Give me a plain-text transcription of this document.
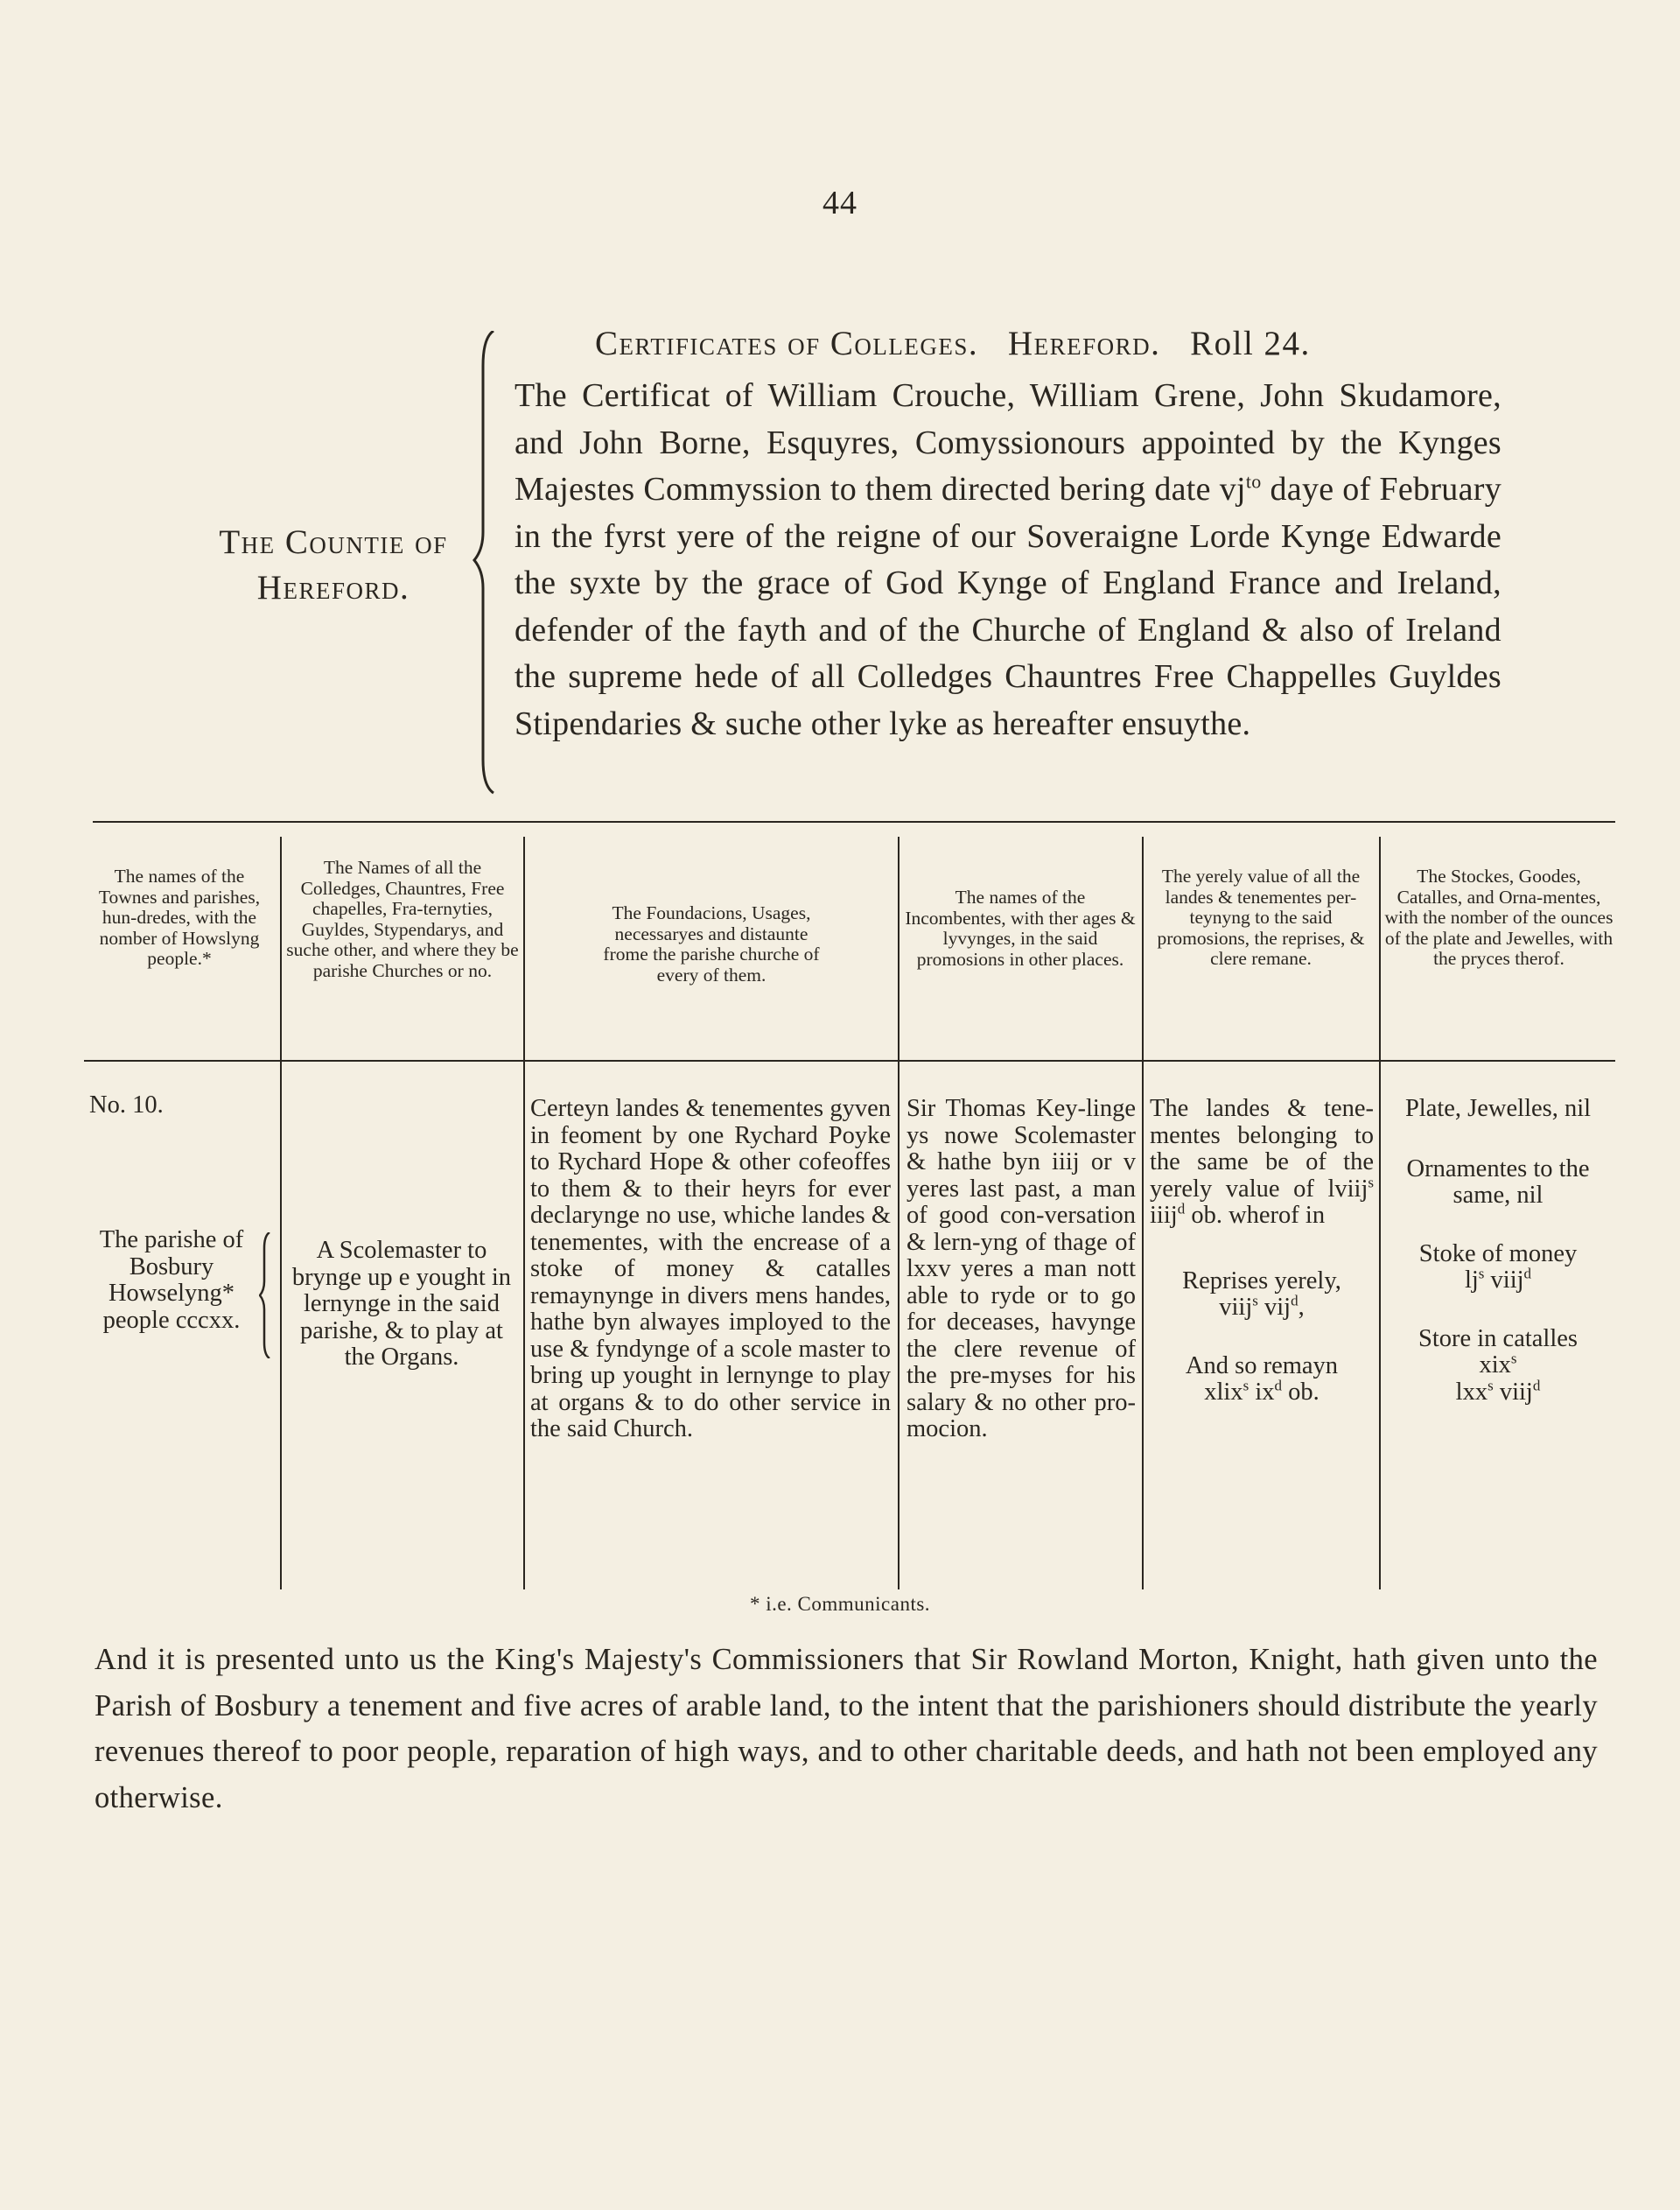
44
Certificates of Colleges. Hereford. Roll 24.
The Countie of
Hereford.
The Certificat of William Crouche, William Grene, John Skudamore, and John Borne, Esquyres, Comyssionours appointed by the Kynges Majestes Commyssion to them directed bering date $vj^{to}$ daye of February in the fyrst yere of the reigne of our Soveraigne Lorde Kynge Edwarde the syxte by the grace of God Kynge of England France and Ireland, defender of the fayth and of the Churche of England & also of Ireland the supreme hede of all Colledges Chauntres Free Chappelles Guyldes Stipendaries & suche other lyke as hereafter ensuythe.
The names of the Townes and parishes, hun-dredes, with the nomber of Howslyng people.*
The Names of all the Colledges, Chauntres, Free chapelles, Fra-ternyties, Guyldes, Stypendarys, and suche other, and where they be parishe Churches or no.
The Foundacions, Usages, necessaryes and distaunte frome the parishe churche of every of them.
The names of the Incombentes, with ther ages & lyvynges, in the said promosions in other places.
The yerely value of all the landes & tenementes per-teynyng to the said promosions, the reprises, & clere remane.
The Stockes, Goodes, Catalles, and Orna-mentes, with the nomber of the ounces of the plate and Jewelles, with the pryces therof.
No. 10.
The parishe of Bosbury Howselyng* people cccxx.
A Scolemaster to brynge up e yought in lernynge in the said parishe, & to play at the Organs.
Certeyn landes & tenementes gyven in feoment by one Rychard Poyke to Rychard Hope & other cofeoffes to them & to their heyrs for ever declarynge no use, whiche landes & tenementes, with the encrease of a stoke of money & catalles remaynynge in divers mens handes, hathe byn alwayes imployed to the use & fyndynge of a scole master to bring up yought in lernynge to play at organs & to do other service in the said Church.
Sir Thomas Key-linge ys nowe Scolemaster & hathe byn iiij or v yeres last past, a man of good con-versation & lern-yng of thage of lxxv yeres a man nott able to ryde or to go for deceases, havynge the clere revenue of the pre-myses for his salary & no other pro-mocion.

The landes & tene-mentes belonging to the same be of the yerely value of lviij$^s$ iiij$^d$ ob. wherof in

Reprises yerely,
viij$^s$ vij$^d$,

And so remayn
xlix$^s$ $ix^d$ ob.

Plate, Jewelles, nil

Ornamentes to the same, nil

Stoke of money
$lj^s$ viij$^d$

Store in catalles
xix$^s$
lxx$^s$ viij$^d$

* i.e. Communicants.
And it is presented unto us the King's Majesty's Commissioners that Sir Rowland Morton, Knight, hath given unto the Parish of Bosbury a tenement and five acres of arable land, to the intent that the parishioners should distribute the yearly revenues thereof to poor people, reparation of high ways, and to other charitable deeds, and hath not been employed any otherwise.
